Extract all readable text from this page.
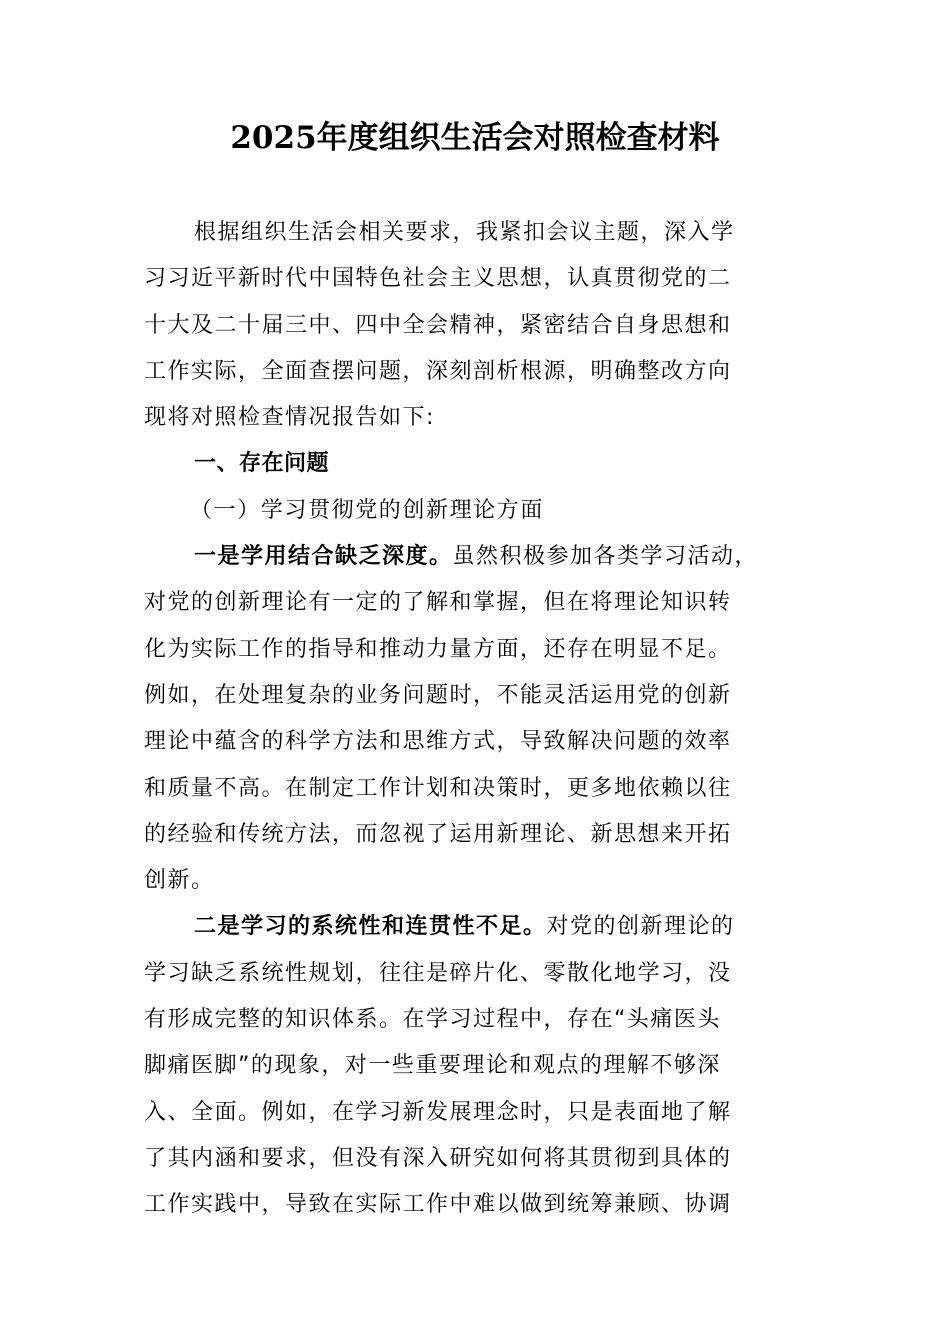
2025年度组织生活会对照检查材料
根据组织生活会相关要求，我紧扣会议主题，深入学
习习近平新时代中国特色社会主义思想，认真贯彻党的二
十大及二十届三中、四中全会精神，紧密结合自身思想和
工作实际，全面查摆问题，深刻剖析根源，明确整改方向
现将对照检查情况报告如下:
一、存在问题
（一）学习贯彻党的创新理论方面
一是学用结合缺乏深度。虽然积极参加各类学习活动，
对党的创新理论有一定的了解和掌握，但在将理论知识转
化为实际工作的指导和推动力量方面，还存在明显不足。
例如，在处理复杂的业务问题时，不能灵活运用党的创新
理论中蕴含的科学方法和思维方式，导致解决问题的效率
和质量不高。在制定工作计划和决策时，更多地依赖以往
的经验和传统方法，而忽视了运用新理论、新思想来开拓
创新。
二是学习的系统性和连贯性不足。对党的创新理论的
学习缺乏系统性规划，往往是碎片化、零散化地学习，没
有形成完整的知识体系。在学习过程中，存在“头痛医头
脚痛医脚”的现象，对一些重要理论和观点的理解不够深
入、全面。例如，在学习新发展理念时，只是表面地了解
了其内涵和要求，但没有深入研究如何将其贯彻到具体的
工作实践中，导致在实际工作中难以做到统筹兼顾、协调
